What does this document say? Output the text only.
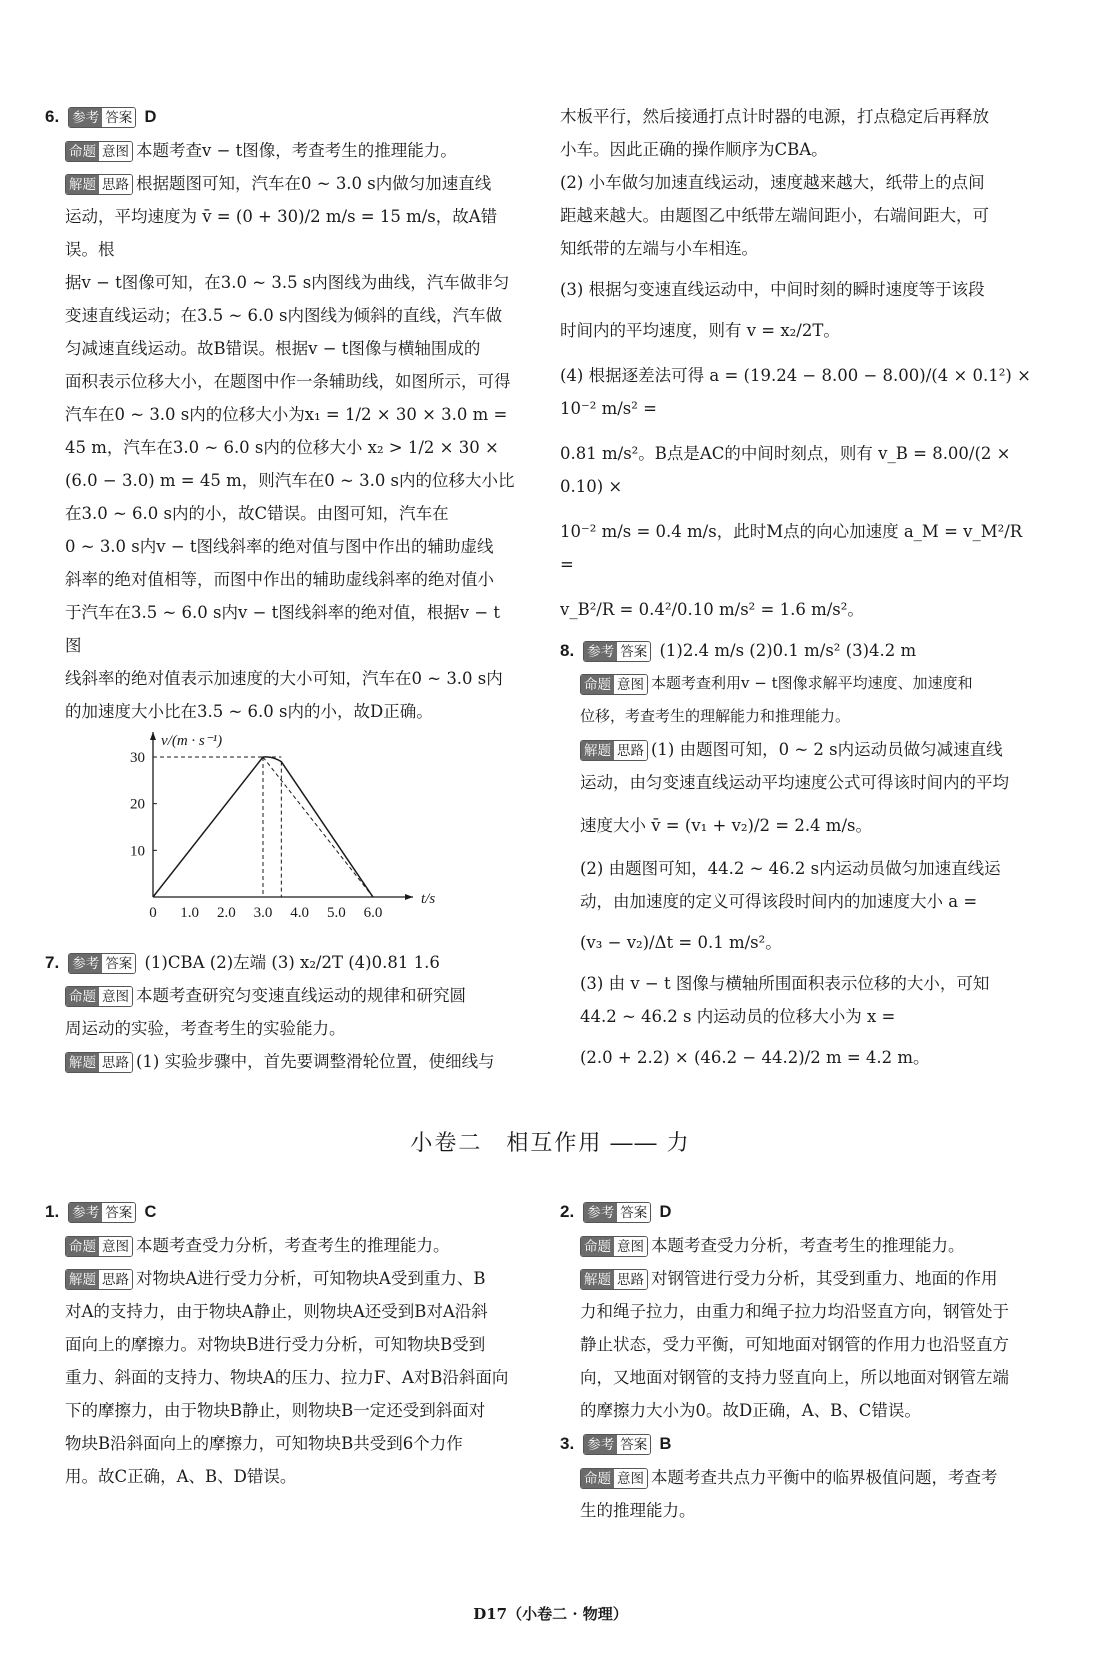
6. 参考 答案 D

命题 意图 本题考查v − t图像，考查考生的推理能力。

解题 思路 根据题图可知，汽车在0 ~ 3.0 s内做匀加速直线

运动，平均速度为 v̄ = (0 + 30)/2 m/s = 15 m/s，故A错误。根

据v − t图像可知，在3.0 ~ 3.5 s内图线为曲线，汽车做非匀

变速直线运动；在3.5 ~ 6.0 s内图线为倾斜的直线，汽车做

匀减速直线运动。故B错误。根据v − t图像与横轴围成的

面积表示位移大小，在题图中作一条辅助线，如图所示，可得

汽车在0 ~ 3.0 s内的位移大小为x₁ = 1/2 × 30 × 3.0 m =

45 m，汽车在3.0 ~ 6.0 s内的位移大小 x₂ > 1/2 × 30 ×

(6.0 − 3.0) m = 45 m，则汽车在0 ~ 3.0 s内的位移大小比

在3.0 ~ 6.0 s内的小，故C错误。由图可知，汽车在

0 ~ 3.0 s内v − t图线斜率的绝对值与图中作出的辅助虚线

斜率的绝对值相等，而图中作出的辅助虚线斜率的绝对值小

于汽车在3.5 ~ 6.0 s内v − t图线斜率的绝对值，根据v − t图

线斜率的绝对值表示加速度的大小可知，汽车在0 ~ 3.0 s内

的加速度大小比在3.5 ~ 6.0 s内的小，故D正确。

0 1.0 2.0 3.0 4.0 5.0 6.0
10
20
30
t/s
v/(m · s⁻¹)

7. 参考 答案 (1)CBA (2)左端 (3) x₂/2T (4)0.81 1.6

命题 意图 本题考查研究匀变速直线运动的规律和研究圆

周运动的实验，考查考生的实验能力。

解题 思路 (1) 实验步骤中，首先要调整滑轮位置，使细线与

木板平行，然后接通打点计时器的电源，打点稳定后再释放

小车。因此正确的操作顺序为CBA。

(2) 小车做匀加速直线运动，速度越来越大，纸带上的点间

距越来越大。由题图乙中纸带左端间距小，右端间距大，可

知纸带的左端与小车相连。

(3) 根据匀变速直线运动中，中间时刻的瞬时速度等于该段

时间内的平均速度，则有 v = x₂/2T。

(4) 根据逐差法可得 a = (19.24 − 8.00 − 8.00)/(4 × 0.1²) × 10⁻² m/s² =

0.81 m/s²。B点是AC的中间时刻点，则有 v_B = 8.00/(2 × 0.10) ×

10⁻² m/s = 0.4 m/s，此时M点的向心加速度 a_M = v_M²/R =

v_B²/R = 0.4²/0.10 m/s² = 1.6 m/s²。

8. 参考 答案 (1)2.4 m/s (2)0.1 m/s² (3)4.2 m

命题 意图 本题考查利用v − t图像求解平均速度、加速度和

位移，考查考生的理解能力和推理能力。

解题 思路 (1) 由题图可知，0 ~ 2 s内运动员做匀减速直线

运动，由匀变速直线运动平均速度公式可得该时间内的平均

速度大小 v̄ = (v₁ + v₂)/2 = 2.4 m/s。

(2) 由题图可知，44.2 ~ 46.2 s内运动员做匀加速直线运

动，由加速度的定义可得该段时间内的加速度大小 a =

(v₃ − v₂)/Δt = 0.1 m/s²。

(3) 由 v − t 图像与横轴所围面积表示位移的大小，可知

44.2 ~ 46.2 s 内运动员的位移大小为 x =

(2.0 + 2.2) × (46.2 − 44.2)/2 m = 4.2 m。

小卷二　相互作用 —— 力

1. 参考 答案 C

命题 意图 本题考查受力分析，考查考生的推理能力。

解题 思路 对物块A进行受力分析，可知物块A受到重力、B

对A的支持力，由于物块A静止，则物块A还受到B对A沿斜

面向上的摩擦力。对物块B进行受力分析，可知物块B受到

重力、斜面的支持力、物块A的压力、拉力F、A对B沿斜面向

下的摩擦力，由于物块B静止，则物块B一定还受到斜面对

物块B沿斜面向上的摩擦力，可知物块B共受到6个力作

用。故C正确，A、B、D错误。

2. 参考 答案 D

命题 意图 本题考查受力分析，考查考生的推理能力。

解题 思路 对钢管进行受力分析，其受到重力、地面的作用

力和绳子拉力，由重力和绳子拉力均沿竖直方向，钢管处于

静止状态，受力平衡，可知地面对钢管的作用力也沿竖直方

向，又地面对钢管的支持力竖直向上，所以地面对钢管左端

的摩擦力大小为0。故D正确，A、B、C错误。

3. 参考 答案 B

命题 意图 本题考查共点力平衡中的临界极值问题，考查考

生的推理能力。

D17（小卷二 · 物理）
